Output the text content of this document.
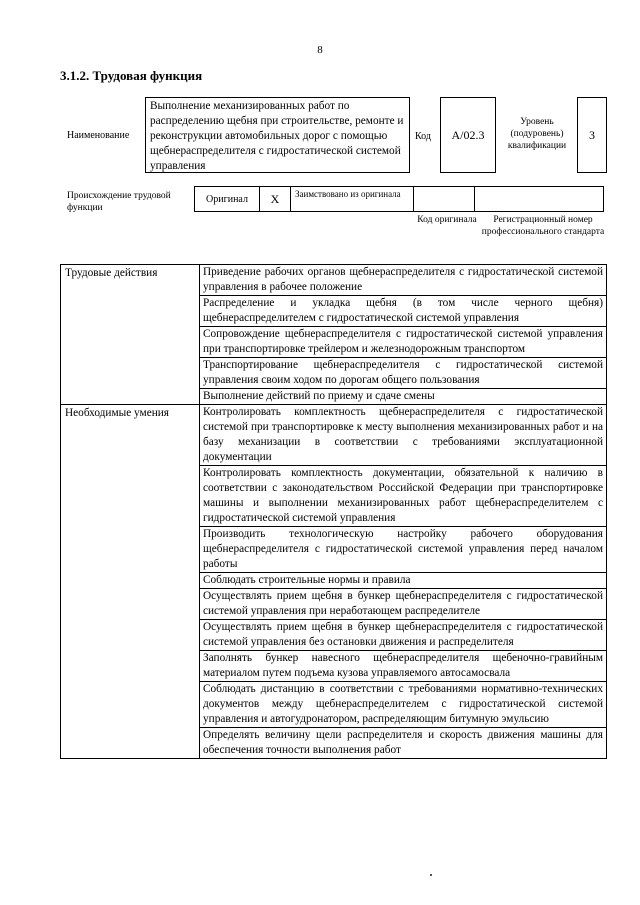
8
3.1.2. Трудовая функция
Наименование
Выполнение механизированных работ по распределению щебня при строительстве, ремонте и реконструкции автомобильных дорог с помощью щебнераспределителя с гидростатической системой управления
Код	А/02.3
Уровень (подуровень) квалификации
3
Происхождение трудовой функции
Оригинал	X	Заимствовано из оригинала
Код оригинала	Регистрационный номер профессионального стандарта
Трудовые действия	Приведение рабочих органов щебнераспределителя с гидростатической системой управления в рабочее положение
	Распределение и укладка щебня (в том числе черного щебня) щебнераспределителем с гидростатической системой управления
	Сопровождение щебнераспределителя с гидростатической системой управления при транспортировке трейлером и железнодорожным транспортом
	Транспортирование щебнераспределителя с гидростатической системой управления своим ходом по дорогам общего пользования
	Выполнение действий по приему и сдаче смены
Необходимые умения	Контролировать комплектность щебнераспределителя с гидростатической системой при транспортировке к месту выполнения механизированных работ и на базу механизации в соответствии с требованиями эксплуатационной документации
	Контролировать комплектность документации, обязательной к наличию в соответствии с законодательством Российской Федерации при транспортировке машины и выполнении механизированных работ щебнераспределителем с гидростатической системой управления
	Производить технологическую настройку рабочего оборудования щебнераспределителя с гидростатической системой управления перед началом работы
	Соблюдать строительные нормы и правила
	Осуществлять прием щебня в бункер щебнераспределителя с гидростатической системой управления при неработающем распределителе
	Осуществлять прием щебня в бункер щебнераспределителя с гидростатической системой управления без остановки движения и распределителя
	Заполнять бункер навесного щебнераспределителя щебеночно-гравийным материалом путем подъема кузова управляемого автосамосвала
	Соблюдать дистанцию в соответствии с требованиями нормативно-технических документов между щебнераспределителем с гидростатической системой управления и автогудронатором, распределяющим битумную эмульсию
	Определять величину щели распределителя и скорость движения машины для обеспечения точности выполнения работ
